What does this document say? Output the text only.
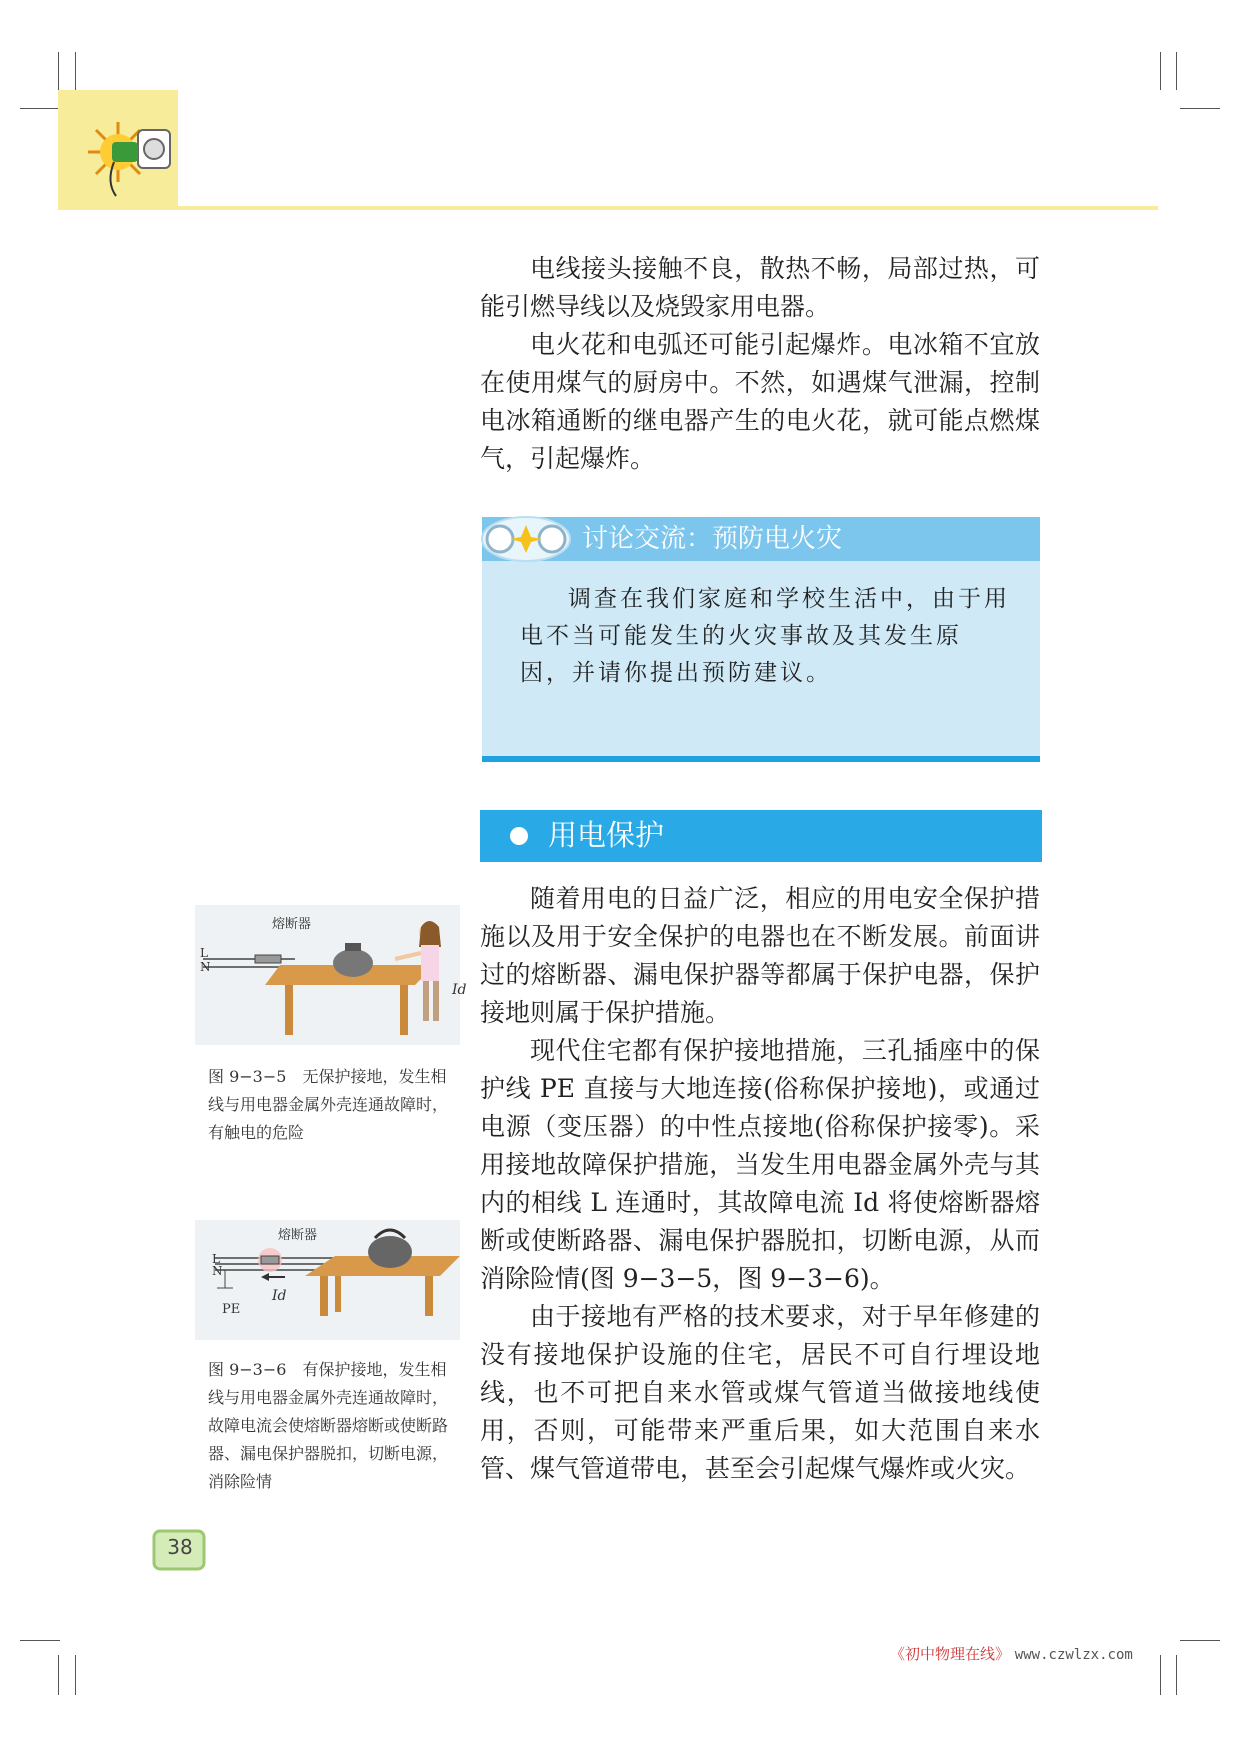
电线接头接触不良，散热不畅，局部过热，可能引燃导线以及烧毁家用电器。

电火花和电弧还可能引起爆炸。电冰箱不宜放在使用煤气的厨房中。不然，如遇煤气泄漏，控制电冰箱通断的继电器产生的电火花，就可能点燃煤气，引起爆炸。

讨论交流：预防电火灾

调查在我们家庭和学校生活中，由于用电不当可能发生的火灾事故及其发生原因，并请你提出预防建议。

用电保护

随着用电的日益广泛，相应的用电安全保护措施以及用于安全保护的电器也在不断发展。前面讲过的熔断器、漏电保护器等都属于保护电器，保护接地则属于保护措施。

现代住宅都有保护接地措施，三孔插座中的保护线 PE 直接与大地连接(俗称保护接地)，或通过电源（变压器）的中性点接地(俗称保护接零)。采用接地故障保护措施，当发生用电器金属外壳与其内的相线 L 连通时，其故障电流 Id 将使熔断器熔断或使断路器、漏电保护器脱扣，切断电源，从而消除险情(图 9−3−5，图 9−3−6)。

由于接地有严格的技术要求，对于早年修建的没有接地保护设施的住宅，居民不可自行埋设地线，也不可把自来水管或煤气管道当做接地线使用，否则，可能带来严重后果，如大范围自来水管、煤气管道带电，甚至会引起煤气爆炸或火灾。

熔断器
L
N
Id
图 9−3−5　无保护接地，发生相线与用电器金属外壳连通故障时，有触电的危险
熔断器
L
N
PE
Id
图 9−3−6　有保护接地，发生相线与用电器金属外壳连通故障时，故障电流会使熔断器熔断或使断路器、漏电保护器脱扣，切断电源，消除险情
38
《初中物理在线》 www.czwlzx.com
